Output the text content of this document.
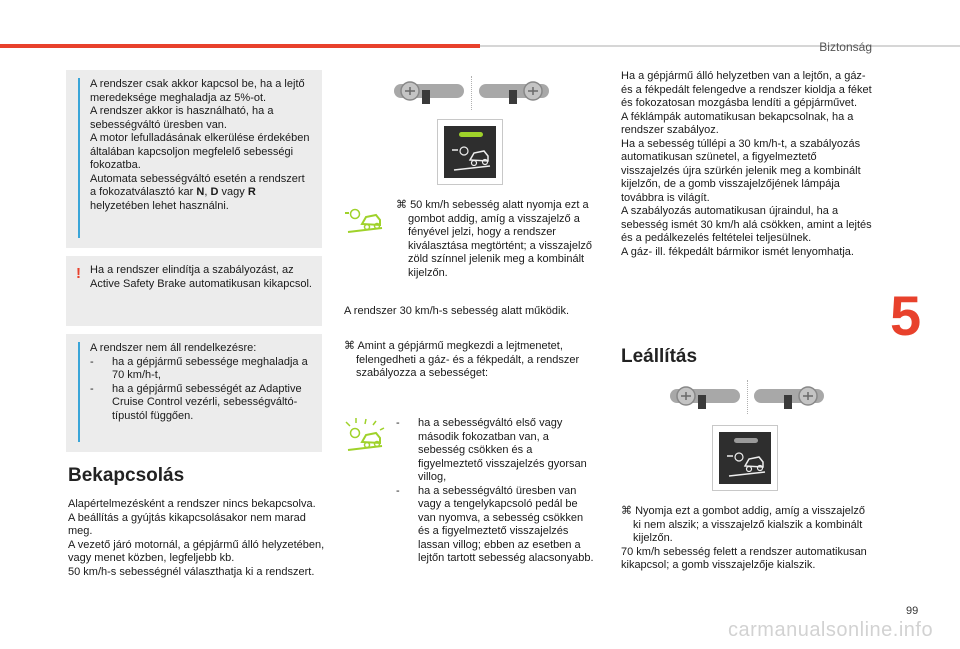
Biztonság
5

A rendszer csak akkor kapcsol be, ha a lejtő meredeksége meghaladja az 5%-ot.

A rendszer akkor is használható, ha a sebességváltó üresben van.

A motor lefulladásának elkerülése érdekében általában kapcsoljon megfelelő sebességi fokozatba.

Automata sebességváltó esetén a rendszert a fokozatválasztó kar N, D vagy R helyzetében lehet használni.

! Ha a rendszer elindítja a szabályozást, az Active Safety Brake automatikusan kikapcsol.

A rendszer nem áll rendelkezésre:

-	ha a gépjármű sebessége meghaladja a 70 km/h-t,
-	ha a gépjármű sebességét az Adaptive Cruise Control vezérli, sebességváltó-típustól függően.
Bekapcsolás

Alapértelmezésként a rendszer nincs bekapcsolva.

A beállítás a gyújtás kikapcsolásakor nem marad meg.

A vezető járó motornál, a gépjármű álló helyzetében, vagy menet közben, legfeljebb kb.

50 km/h-s sebességnél választhatja ki a rendszert.

⌘ 50 km/h sebesség alatt nyomja ezt a gombot addig, amíg a visszajelző a fényével jelzi, hogy a rendszer kiválasztása megtörtént; a visszajelző zöld színnel jelenik meg a kombinált kijelzőn.

A rendszer 30 km/h-s sebesség alatt működik.

⌘ Amint a gépjármű megkezdi a lejtmenetet, felengedheti a gáz- és a fékpedált, a rendszer szabályozza a sebességet:

-	ha a sebességváltó első vagy második fokozatban van, a sebesség csökken és a figyelmeztető visszajelzés gyorsan villog,
-	ha a sebességváltó üresben van vagy a tengelykapcsoló pedál be van nyomva, a sebesség csökken és a figyelmeztető visszajelzés lassan villog; ebben az esetben a lejtőn tartott sebesség alacsonyabb.

Ha a gépjármű álló helyzetben van a lejtőn, a gáz- és a fékpedált felengedve a rendszer kioldja a féket és fokozatosan mozgásba lendíti a gépjárművet.

A féklámpák automatikusan bekapcsolnak, ha a rendszer szabályoz.

Ha a sebesség túllépi a 30 km/h-t, a szabályozás automatikusan szünetel, a figyelmeztető visszajelzés újra szürkén jelenik meg a kombinált kijelzőn, de a gomb visszajelzőjének lámpája továbbra is világít.

A szabályozás automatikusan újraindul, ha a sebesség ismét 30 km/h alá csökken, amint a lejtés és a pedálkezelés feltételei teljesülnek.

A gáz- ill. fékpedált bármikor ismét lenyomhatja.

Leállítás

⌘ Nyomja ezt a gombot addig, amíg a visszajelző ki nem alszik; a visszajelző kialszik a kombinált kijelzőn.

70 km/h sebesség felett a rendszer automatikusan kikapcsol; a gomb visszajelzője kialszik.

99
carmanualsonline.info
